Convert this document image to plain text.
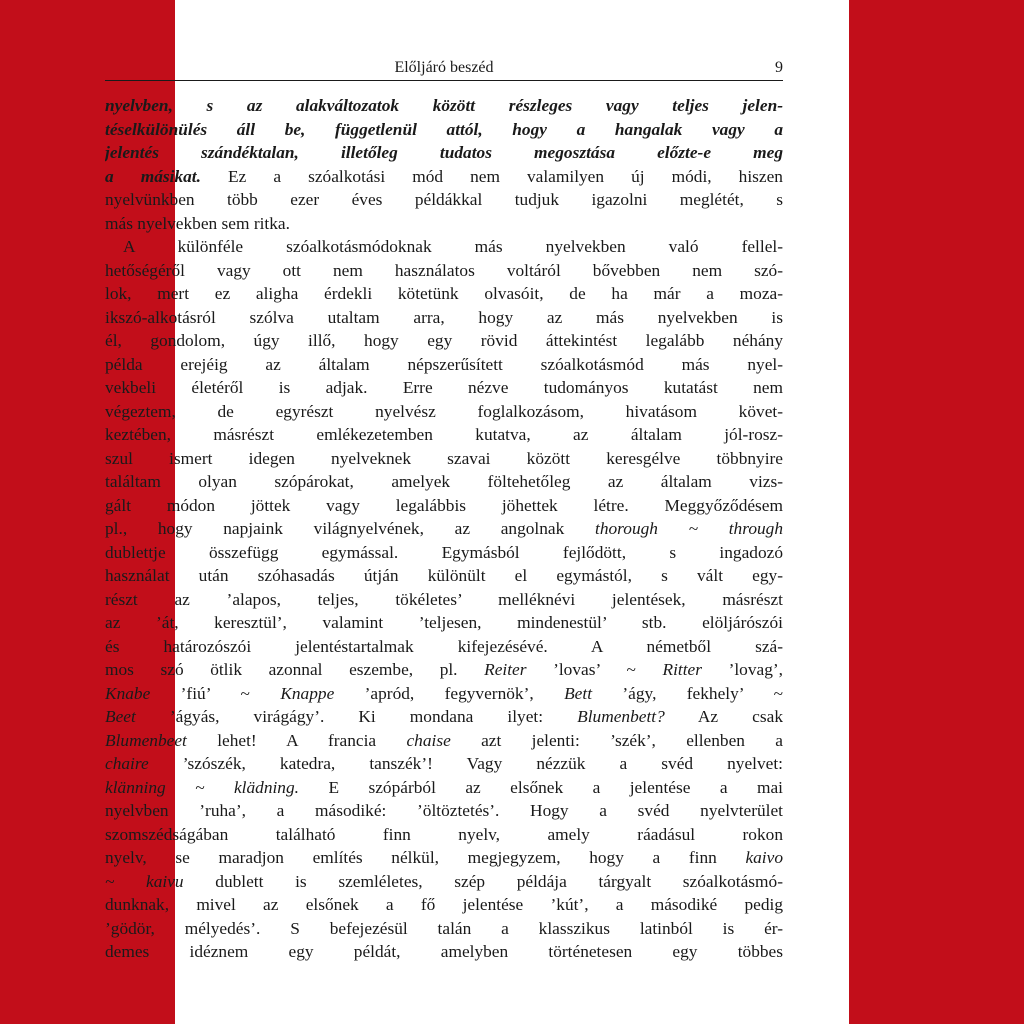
Előljáró beszéd	9
nyelvben, s az alakváltozatok között részleges vagy teljes jelen-
téselkülönülés áll be, függetlenül attól, hogy a hangalak vagy a
jelentés szándéktalan, illetőleg tudatos megosztása előzte-e meg
a másikat. Ez a szóalkotási mód nem valamilyen új módi, hiszen
nyelvünkben több ezer éves példákkal tudjuk igazolni meglétét, s
más nyelvekben sem ritka.
A különféle szóalkotásmódoknak más nyelvekben való fellel-
hetőségéről vagy ott nem használatos voltáról bővebben nem szó-
lok, mert ez aligha érdekli kötetünk olvasóit, de ha már a moza-
ikszó-alkotásról szólva utaltam arra, hogy az más nyelvekben is
él, gondolom, úgy illő, hogy egy rövid áttekintést legalább néhány
példa erejéig az általam népszerűsített szóalkotásmód más nyel-
vekbeli életéről is adjak. Erre nézve tudományos kutatást nem
végeztem, de egyrészt nyelvész foglalkozásom, hivatásom követ-
keztében, másrészt emlékezetemben kutatva, az általam jól-rosz-
szul ismert idegen nyelveknek szavai között keresgélve többnyire
találtam olyan szópárokat, amelyek föltehetőleg az általam vizs-
gált módon jöttek vagy legalábbis jöhettek létre. Meggyőződésem
pl., hogy napjaink világnyelvének, az angolnak thorough ~ through
dublettje összefügg egymással. Egymásból fejlődött, s ingadozó
használat után szóhasadás útján különült el egymástól, s vált egy-
részt az ’alapos, teljes, tökéletes’ melléknévi jelentések, másrészt
az ’át, keresztül’, valamint ’teljesen, mindenestül’ stb. elöljárószói
és határozószói jelentéstartalmak kifejezésévé. A németből szá-
mos szó ötlik azonnal eszembe, pl. Reiter ’lovas’ ~ Ritter ’lovag’,
Knabe ’fiú’ ~ Knappe ’apród, fegyvernök’, Bett ’ágy, fekhely’ ~
Beet ’ágyás, virágágy’. Ki mondana ilyet: Blumenbett? Az csak
Blumenbeet lehet! A francia chaise azt jelenti: ’szék’, ellenben a
chaire ’szószék, katedra, tanszék’! Vagy nézzük a svéd nyelvet:
klänning ~ klädning. E szópárból az elsőnek a jelentése a mai
nyelvben ’ruha’, a másodiké: ’öltöztetés’. Hogy a svéd nyelvterület
szomszédságában található finn nyelv, amely ráadásul rokon
nyelv, se maradjon említés nélkül, megjegyzem, hogy a finn kaivo
~ kaivu dublett is szemléletes, szép példája tárgyalt szóalkotásmó-
dunknak, mivel az elsőnek a fő jelentése ’kút’, a másodiké pedig
’gödör, mélyedés’. S befejezésül talán a klasszikus latinból is ér-
demes idéznem egy példát, amelyben történetesen egy többes
